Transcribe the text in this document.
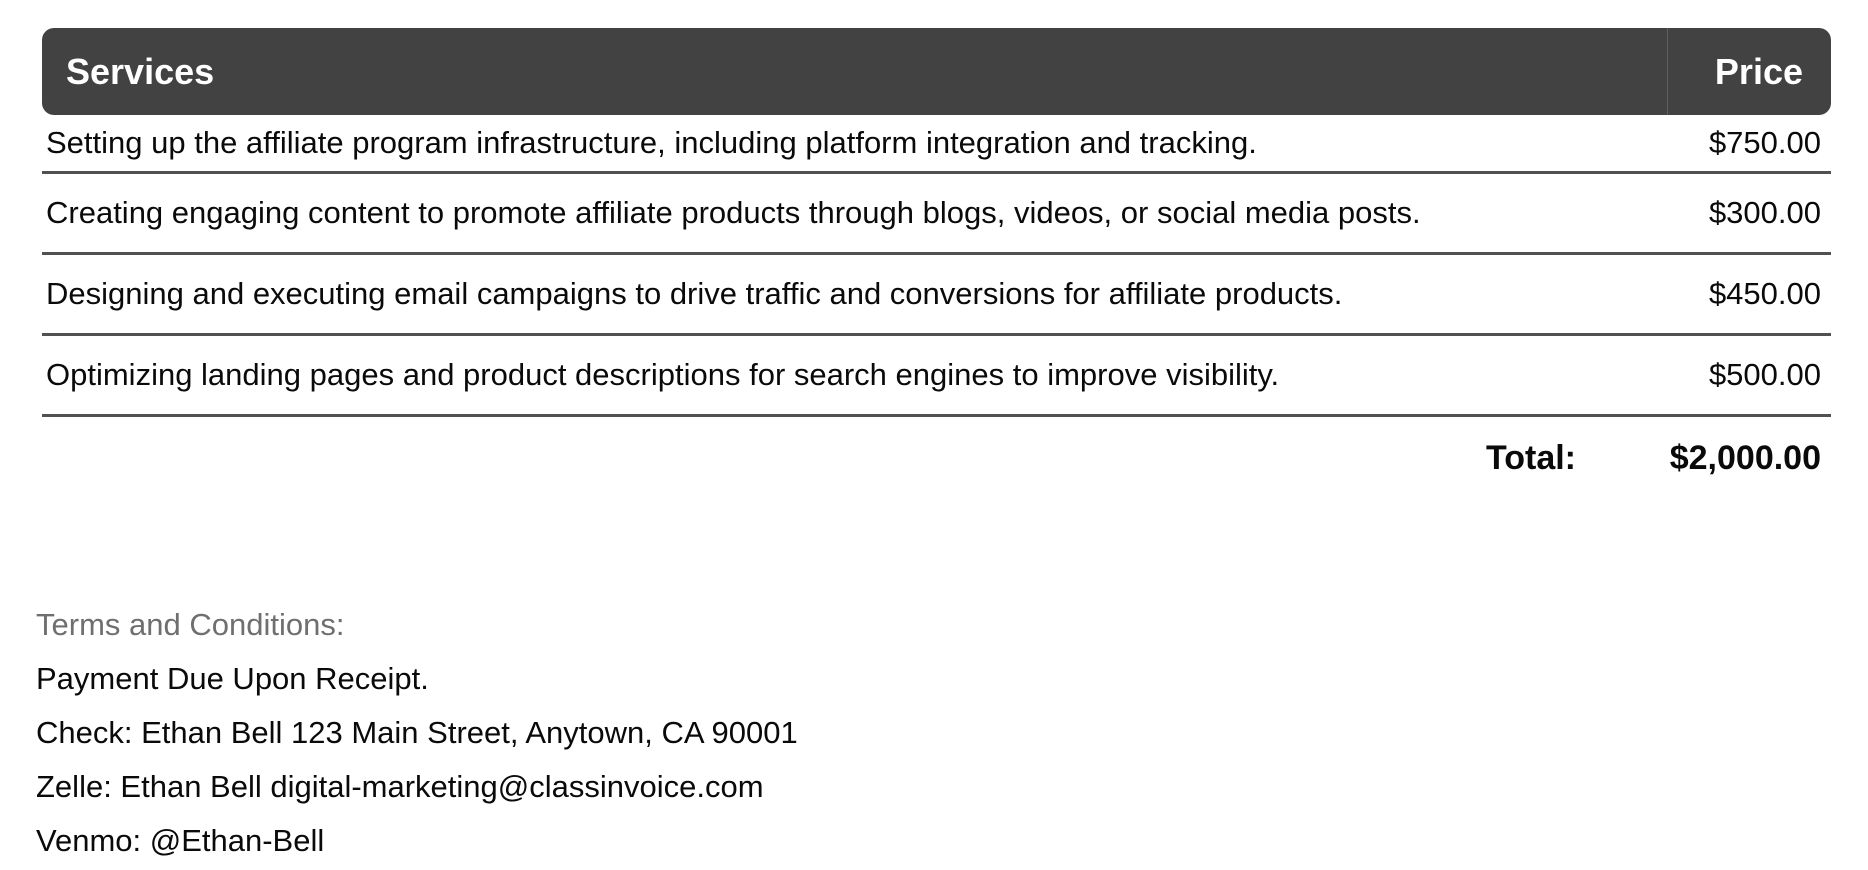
Services	Price
Setting up the affiliate program infrastructure, including platform integration and tracking.	$750.00
Creating engaging content to promote affiliate products through blogs, videos, or social media posts.	$300.00
Designing and executing email campaigns to drive traffic and conversions for affiliate products.	$450.00
Optimizing landing pages and product descriptions for search engines to improve visibility.	$500.00
Total:	$2,000.00
Terms and Conditions:
Payment Due Upon Receipt.
Check: Ethan Bell 123 Main Street, Anytown, CA 90001
Zelle: Ethan Bell digital-marketing@classinvoice.com
Venmo: @Ethan-Bell
